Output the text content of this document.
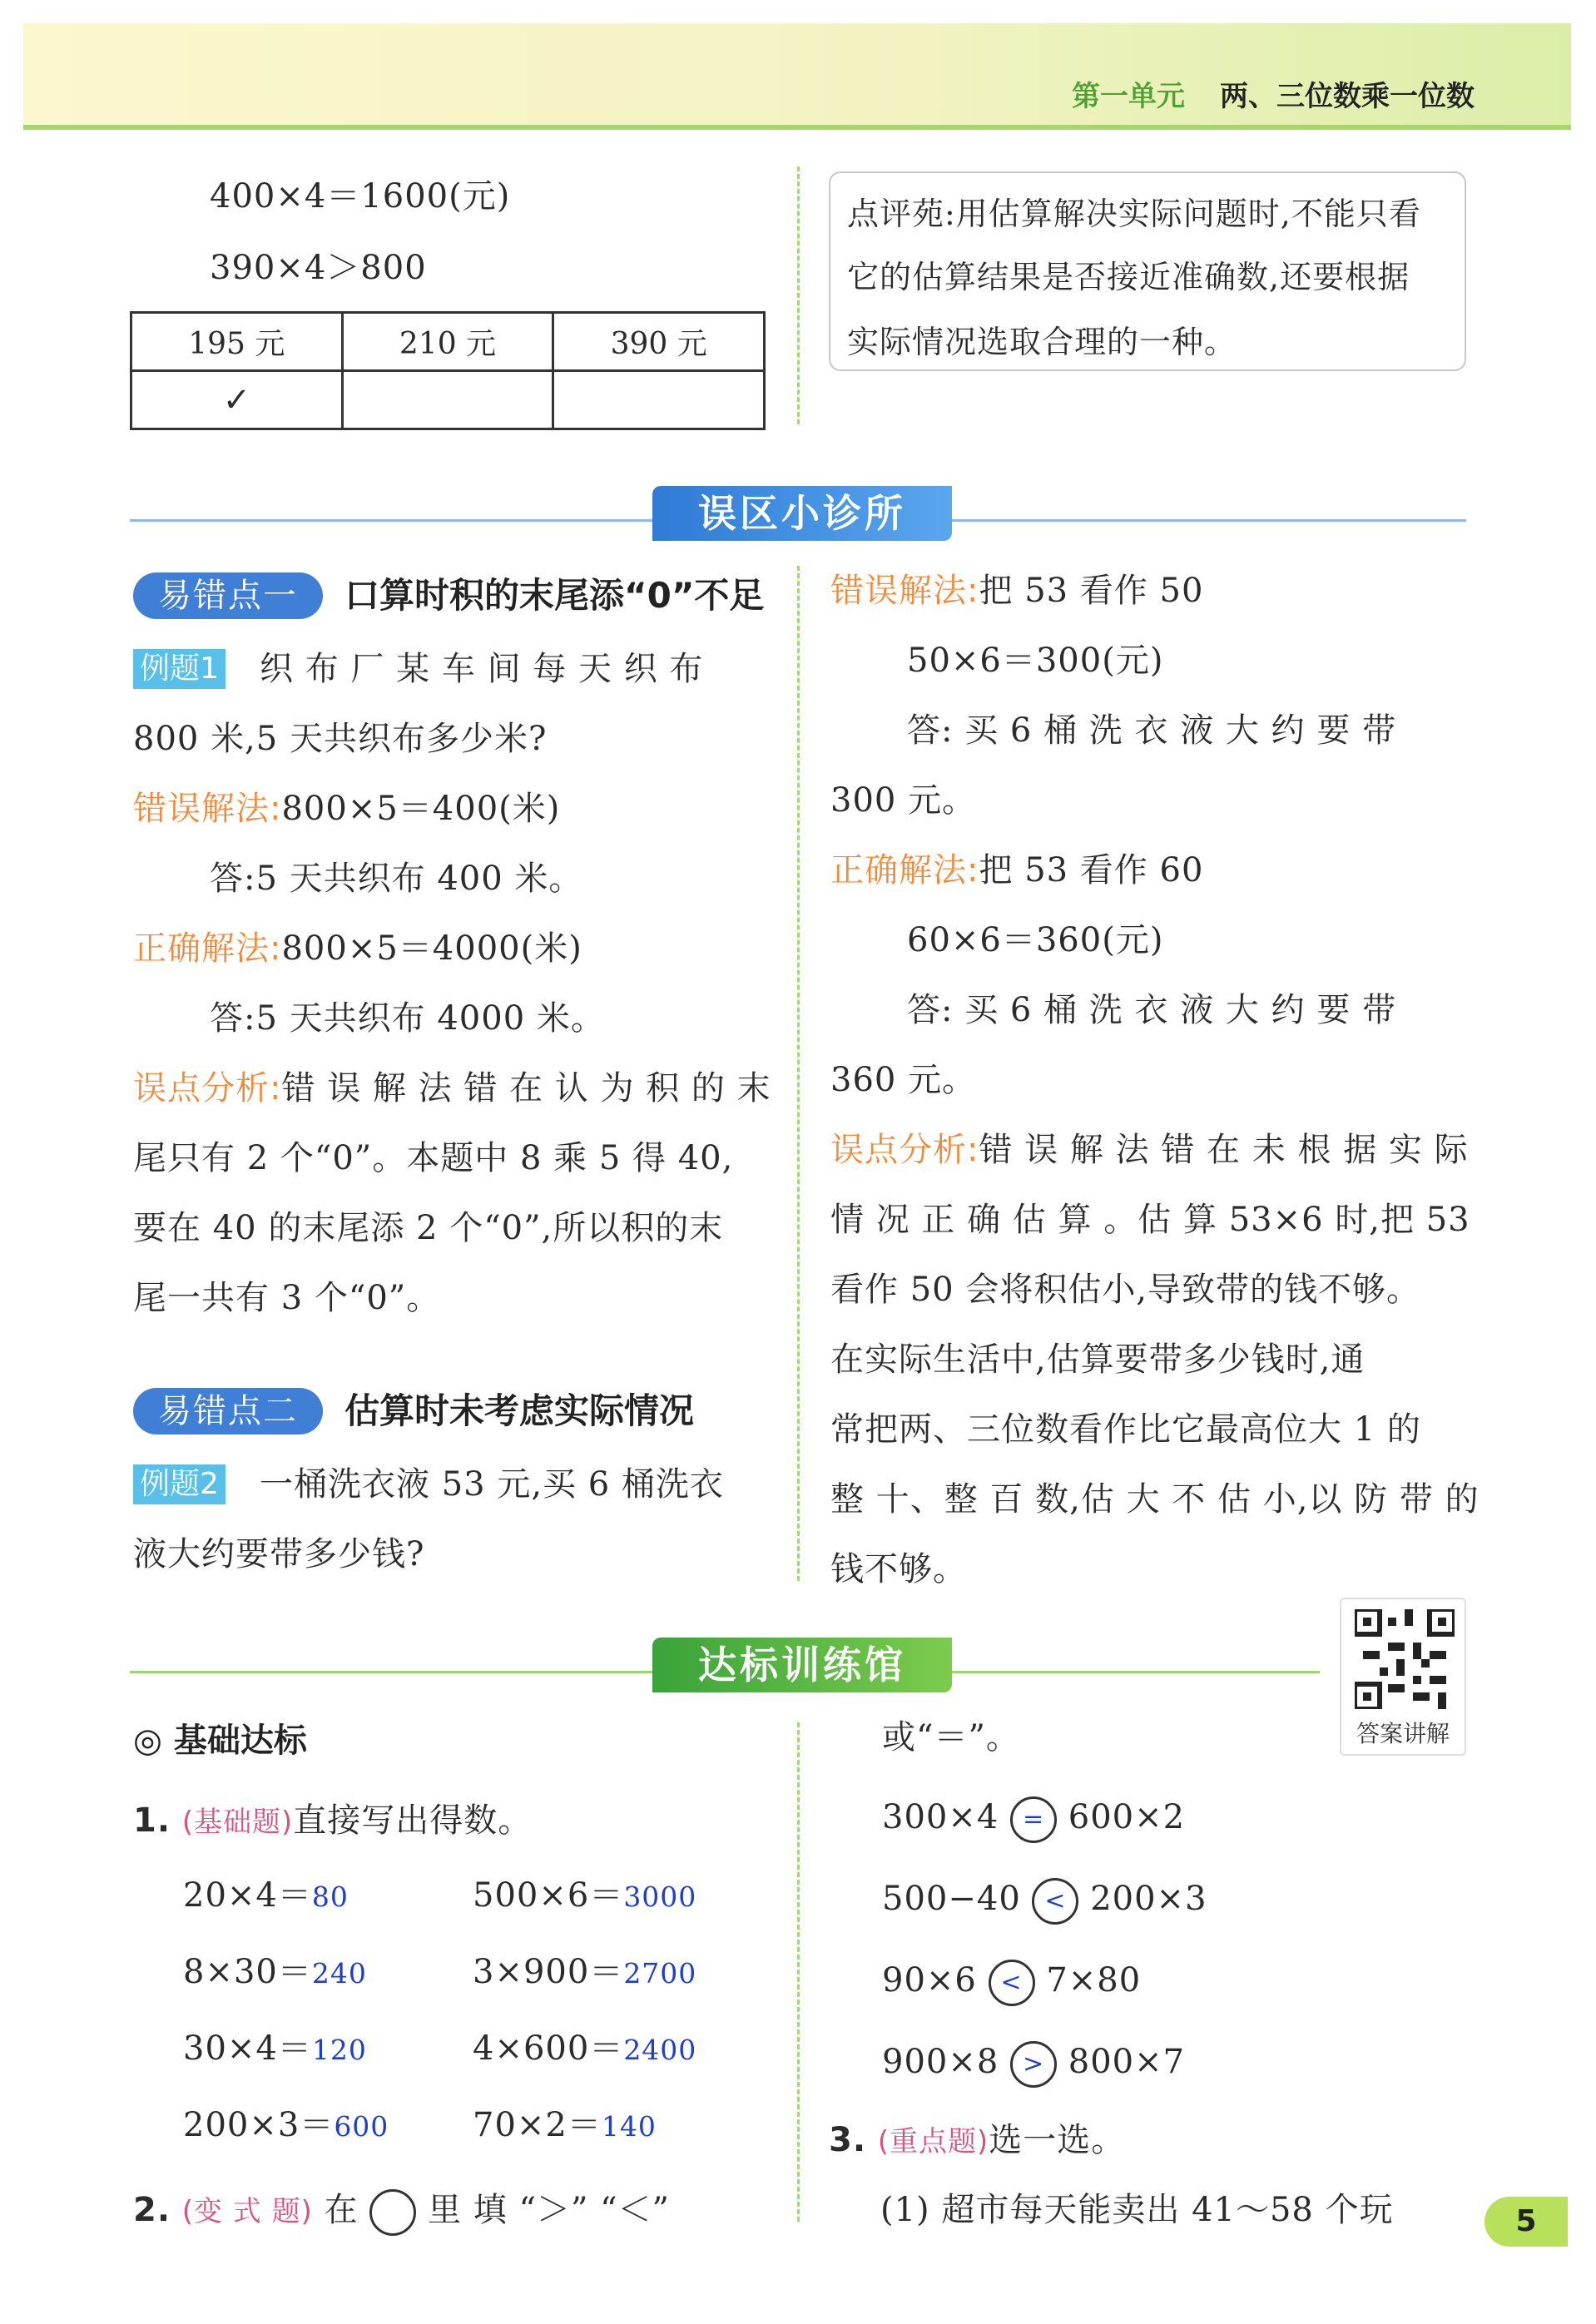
第一单元 两、三位数乘一位数
400×4＝1600(元)
390×4＞800
195 元	210 元	390 元
✓		
点评苑:用估算解决实际问题时,不能只看
它的估算结果是否接近准确数,还要根据
实际情况选取合理的一种。
误区小诊所
易错点一	口算时积的末尾添“0”不足
例题1 织 布 厂 某 车 间 每 天 织 布
800 米,5 天共织布多少米?
错误解法:800×5＝400(米)
答:5 天共织布 400 米。
正确解法:800×5＝4000(米)
答:5 天共织布 4000 米。
误点分析:错 误 解 法 错 在 认 为 积 的 末
尾只有 2 个“0”。本题中 8 乘 5 得 40,
要在 40 的末尾添 2 个“0”,所以积的末
尾一共有 3 个“0”。
易错点二	估算时未考虑实际情况
例题2 一桶洗衣液 53 元,买 6 桶洗衣
液大约要带多少钱?
错误解法:把 53 看作 50
50×6＝300(元)
答: 买 6 桶 洗 衣 液 大 约 要 带
300 元。
正确解法:把 53 看作 60
60×6＝360(元)
答: 买 6 桶 洗 衣 液 大 约 要 带
360 元。
误点分析:错 误 解 法 错 在 未 根 据 实 际
情 况 正 确 估 算 。估 算 53×6 时,把 53
看作 50 会将积估小,导致带的钱不够。
在实际生活中,估算要带多少钱时,通
常把两、三位数看作比它最高位大 1 的
整 十、整 百 数,估 大 不 估 小,以 防 带 的
钱不够。
达标训练馆
答案讲解
◎ 基础达标
1. (基础题)直接写出得数。
20×4＝80	500×6＝3000
8×30＝240	3×900＝2700
30×4＝120	4×600＝2400
200×3＝600	70×2＝140
2. (变 式 题) 在 里 填 “＞” “＜”
或“＝”。
300×4 = 600×2
500−40 < 200×3
90×6 < 7×80
900×8 > 800×7
3. (重点题)选一选。
(1) 超市每天能卖出 41～58 个玩	5
